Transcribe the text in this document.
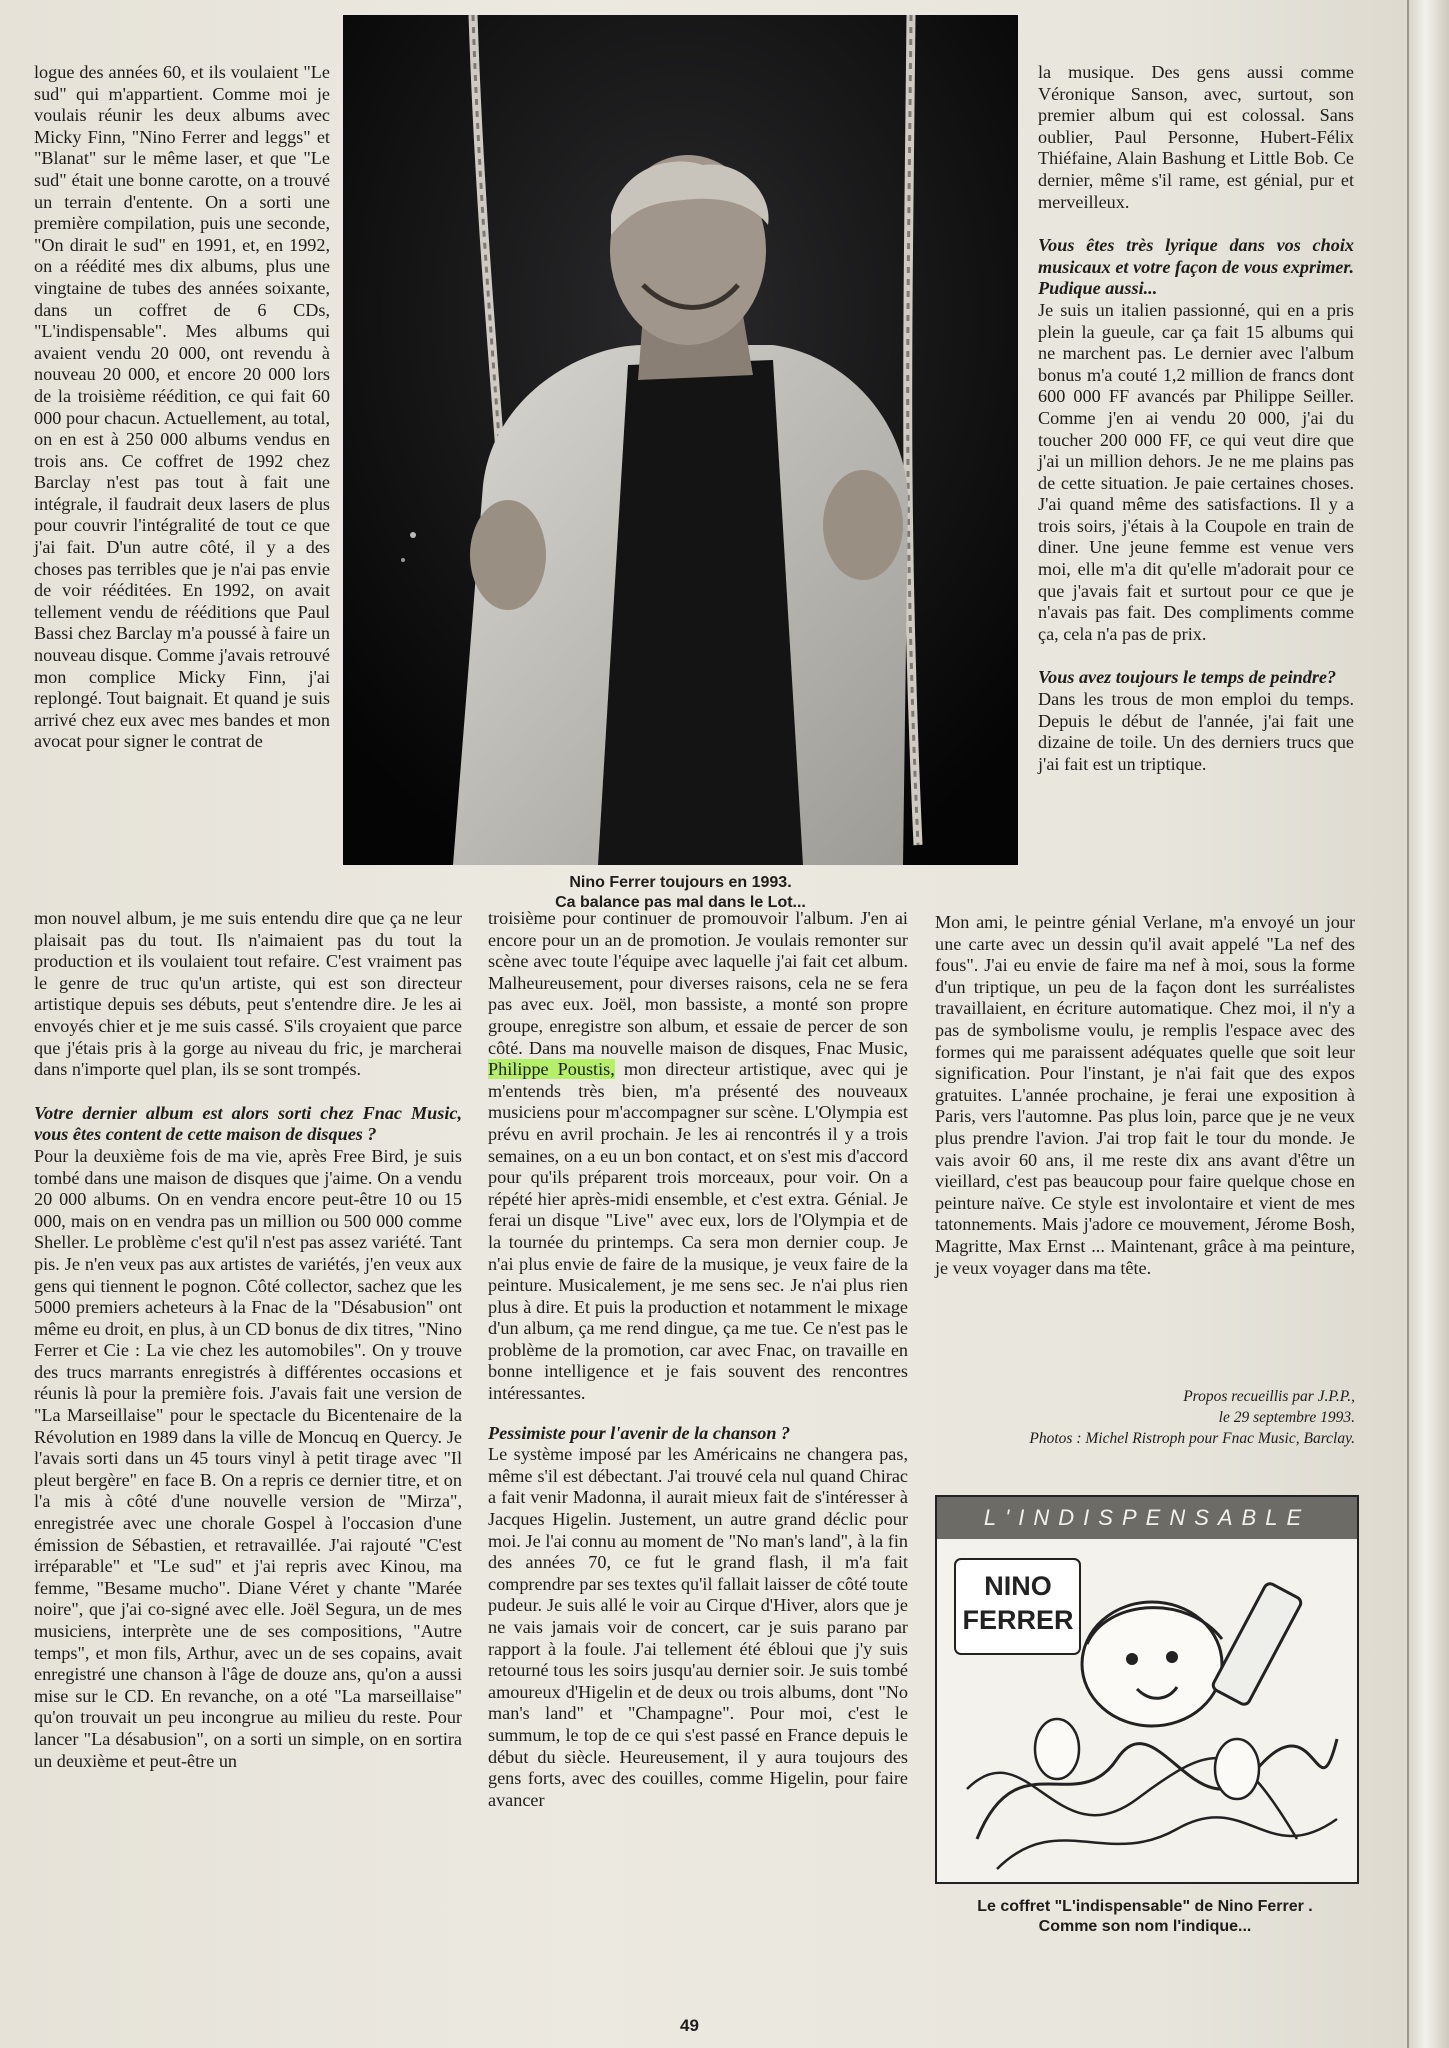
logue des années 60, et ils voulaient "Le sud" qui m'appartient. Comme moi je voulais réunir les deux albums avec Micky Finn, "Nino Ferrer and leggs" et "Blanat" sur le même laser, et que "Le sud" était une bonne carotte, on a trouvé un terrain d'entente. On a sorti une première compilation, puis une seconde, "On dirait le sud" en 1991, et, en 1992, on a réédité mes dix albums, plus une vingtaine de tubes des années soixante, dans un coffret de 6 CDs, "L'indispensable". Mes albums qui avaient vendu 20 000, ont revendu à nouveau 20 000, et encore 20 000 lors de la troisième réédition, ce qui fait 60 000 pour chacun. Actuellement, au total, on en est à 250 000 albums vendus en trois ans. Ce coffret de 1992 chez Barclay n'est pas tout à fait une intégrale, il faudrait deux lasers de plus pour couvrir l'intégralité de tout ce que j'ai fait. D'un autre côté, il y a des choses pas terribles que je n'ai pas envie de voir rééditées. En 1992, on avait tellement vendu de rééditions que Paul Bassi chez Barclay m'a poussé à faire un nouveau disque. Comme j'avais retrouvé mon complice Micky Finn, j'ai replongé. Tout baignait. Et quand je suis arrivé chez eux avec mes bandes et mon avocat pour signer le contrat de

Nino Ferrer toujours en 1993.
Ca balance pas mal dans le Lot...

mon nouvel album, je me suis entendu dire que ça ne leur plaisait pas du tout. Ils n'aimaient pas du tout la production et ils voulaient tout refaire. C'est vraiment pas le genre de truc qu'un artiste, qui est son directeur artistique depuis ses débuts, peut s'entendre dire. Je les ai envoyés chier et je me suis cassé. S'ils croyaient que parce que j'étais pris à la gorge au niveau du fric, je marcherai dans n'importe quel plan, ils se sont trompés.

Votre dernier album est alors sorti chez Fnac Music, vous êtes content de cette maison de disques ?

Pour la deuxième fois de ma vie, après Free Bird, je suis tombé dans une maison de disques que j'aime. On a vendu 20 000 albums. On en vendra encore peut-être 10 ou 15 000, mais on en vendra pas un million ou 500 000 comme Sheller. Le problème c'est qu'il n'est pas assez variété. Tant pis. Je n'en veux pas aux artistes de variétés, j'en veux aux gens qui tiennent le pognon. Côté collector, sachez que les 5000 premiers acheteurs à la Fnac de la "Désabusion" ont même eu droit, en plus, à un CD bonus de dix titres, "Nino Ferrer et Cie : La vie chez les automobiles". On y trouve des trucs marrants enregistrés à différentes occasions et réunis là pour la première fois. J'avais fait une version de "La Marseillaise" pour le spectacle du Bicentenaire de la Révolution en 1989 dans la ville de Moncuq en Quercy. Je l'avais sorti dans un 45 tours vinyl à petit tirage avec "Il pleut bergère" en face B. On a repris ce dernier titre, et on l'a mis à côté d'une nouvelle version de "Mirza", enregistrée avec une chorale Gospel à l'occasion d'une émission de Sébastien, et retravaillée. J'ai rajouté "C'est irréparable" et "Le sud" et j'ai repris avec Kinou, ma femme, "Besame mucho". Diane Véret y chante "Marée noire", que j'ai co-signé avec elle. Joël Segura, un de mes musiciens, interprète une de ses compositions, "Autre temps", et mon fils, Arthur, avec un de ses copains, avait enregistré une chanson à l'âge de douze ans, qu'on a aussi mise sur le CD. En revanche, on a oté "La marseillaise" qu'on trouvait un peu incongrue au milieu du reste. Pour lancer "La désabusion", on a sorti un simple, on en sortira un deuxième et peut-être un

troisième pour continuer de promouvoir l'album. J'en ai encore pour un an de promotion. Je voulais remonter sur scène avec toute l'équipe avec laquelle j'ai fait cet album. Malheureusement, pour diverses raisons, cela ne se fera pas avec eux. Joël, mon bassiste, a monté son propre groupe, enregistre son album, et essaie de percer de son côté. Dans ma nouvelle maison de disques, Fnac Music, Philippe Poustis, mon directeur artistique, avec qui je m'entends très bien, m'a présenté des nouveaux musiciens pour m'accompagner sur scène. L'Olympia est prévu en avril prochain. Je les ai rencontrés il y a trois semaines, on a eu un bon contact, et on s'est mis d'accord pour qu'ils préparent trois morceaux, pour voir. On a répété hier après-midi ensemble, et c'est extra. Génial. Je ferai un disque "Live" avec eux, lors de l'Olympia et de la tournée du printemps. Ca sera mon dernier coup. Je n'ai plus envie de faire de la musique, je veux faire de la peinture. Musicalement, je me sens sec. Je n'ai plus rien plus à dire. Et puis la production et notamment le mixage d'un album, ça me rend dingue, ça me tue. Ce n'est pas le problème de la promotion, car avec Fnac, on travaille en bonne intelligence et je fais souvent des rencontres intéressantes.

Pessimiste pour l'avenir de la chanson ?

Le système imposé par les Américains ne changera pas, même s'il est débectant. J'ai trouvé cela nul quand Chirac a fait venir Madonna, il aurait mieux fait de s'intéresser à Jacques Higelin. Justement, un autre grand déclic pour moi. Je l'ai connu au moment de "No man's land", à la fin des années 70, ce fut le grand flash, il m'a fait comprendre par ses textes qu'il fallait laisser de côté toute pudeur. Je suis allé le voir au Cirque d'Hiver, alors que je ne vais jamais voir de concert, car je suis parano par rapport à la foule. J'ai tellement été ébloui que j'y suis retourné tous les soirs jusqu'au dernier soir. Je suis tombé amoureux d'Higelin et de deux ou trois albums, dont "No man's land" et "Champagne". Pour moi, c'est le summum, le top de ce qui s'est passé en France depuis le début du siècle. Heureusement, il y aura toujours des gens forts, avec des couilles, comme Higelin, pour faire avancer

la musique. Des gens aussi comme Véronique Sanson, avec, surtout, son premier album qui est colossal. Sans oublier, Paul Personne, Hubert-Félix Thiéfaine, Alain Bashung et Little Bob. Ce dernier, même s'il rame, est génial, pur et merveilleux.

Vous êtes très lyrique dans vos choix musicaux et votre façon de vous exprimer. Pudique aussi...

Je suis un italien passionné, qui en a pris plein la gueule, car ça fait 15 albums qui ne marchent pas. Le dernier avec l'album bonus m'a couté 1,2 million de francs dont 600 000 FF avancés par Philippe Seiller. Comme j'en ai vendu 20 000, j'ai du toucher 200 000 FF, ce qui veut dire que j'ai un million dehors. Je ne me plains pas de cette situation. Je paie certaines choses. J'ai quand même des satisfactions. Il y a trois soirs, j'étais à la Coupole en train de diner. Une jeune femme est venue vers moi, elle m'a dit qu'elle m'adorait pour ce que j'avais fait et surtout pour ce que je n'avais pas fait. Des compliments comme ça, cela n'a pas de prix.

Vous avez toujours le temps de peindre?

Dans les trous de mon emploi du temps. Depuis le début de l'année, j'ai fait une dizaine de toile. Un des derniers trucs que j'ai fait est un triptique.

Mon ami, le peintre génial Verlane, m'a envoyé un jour une carte avec un dessin qu'il avait appelé "La nef des fous". J'ai eu envie de faire ma nef à moi, sous la forme d'un triptique, un peu de la façon dont les surréalistes travaillaient, en écriture automatique. Chez moi, il n'y a pas de symbolisme voulu, je remplis l'espace avec des formes qui me paraissent adéquates quelle que soit leur signification. Pour l'instant, je n'ai fait que des expos gratuites. L'année prochaine, je ferai une exposition à Paris, vers l'automne. Pas plus loin, parce que je ne veux plus prendre l'avion. J'ai trop fait le tour du monde. Je vais avoir 60 ans, il me reste dix ans avant d'être un vieillard, c'est pas beaucoup pour faire quelque chose en peinture naïve. Ce style est involontaire et vient de mes tatonnements. Mais j'adore ce mouvement, Jérome Bosh, Magritte, Max Ernst ... Maintenant, grâce à ma peinture, je veux voyager dans ma tête.

Propos recueillis par J.P.P.,
le 29 septembre 1993.
Photos : Michel Ristroph pour Fnac Music, Barclay.
L'INDISPENSABLE
NINO
FERRER
Le coffret "L'indispensable" de Nino Ferrer .
Comme son nom l'indique...
49
